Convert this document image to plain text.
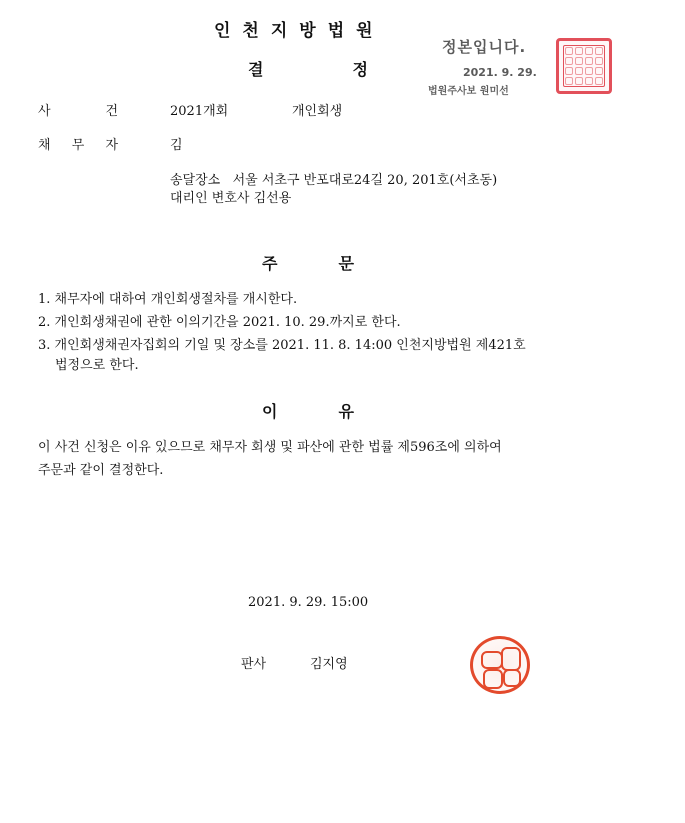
인천지방법원
결	정
정본입니다.
2021. 9. 29.
법원주사보 원미선
사	건	2021개회	개인회생
채 무 자	김
송달장소   서울 서초구 반포대로24길 20, 201호(서초동)
대리인 변호사 김선용
주	문
1. 채무자에 대하여 개인회생절차를 개시한다.
2. 개인회생채권에 관한 이의기간을 2021. 10. 29.까지로 한다.
3. 개인회생채권자집회의 기일 및 장소를 2021. 11. 8. 14:00 인천지방법원 제421호
법정으로 한다.
이	유
이 사건 신청은 이유 있으므로 채무자 회생 및 파산에 관한 법률 제596조에 의하여
주문과 같이 결정한다.
2021. 9. 29. 15:00
판사	김지영
